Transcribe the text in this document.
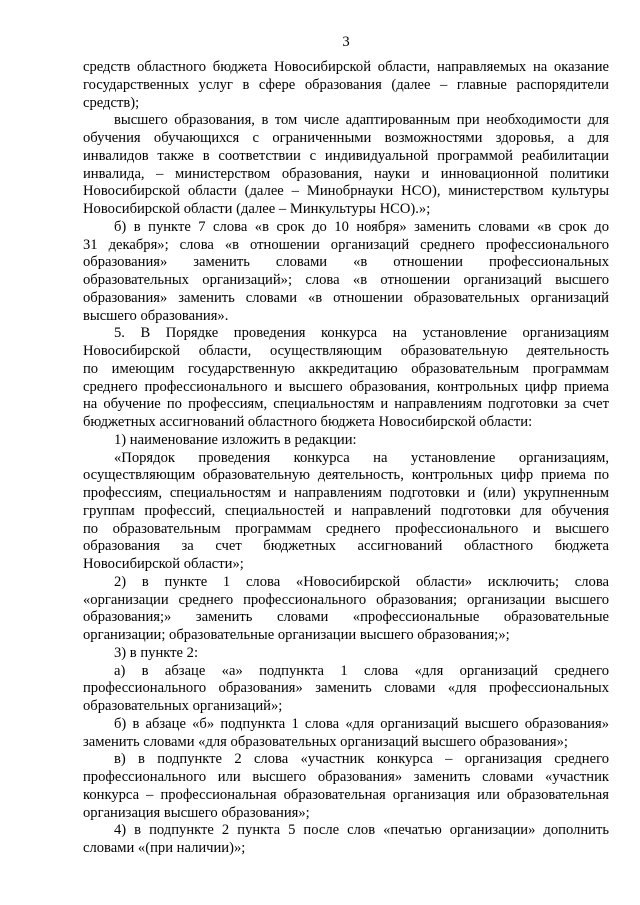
3
средств областного бюджета Новосибирской области, направляемых на оказание
государственных услуг в сфере образования (далее – главные распорядители
средств);
высшего образования, в том числе адаптированным при необходимости для
обучения обучающихся с ограниченными возможностями здоровья, а для
инвалидов также в соответствии с индивидуальной программой реабилитации
инвалида, – министерством образования, науки и инновационной политики
Новосибирской области (далее – Минобрнауки НСО), министерством культуры
Новосибирской области (далее – Минкультуры НСО).»;
б) в пункте 7 слова «в срок до 10 ноября» заменить словами «в срок до
31 декабря»; слова «в отношении организаций среднего профессионального
образования» заменить словами «в отношении профессиональных
образовательных организаций»; слова «в отношении организаций высшего
образования» заменить словами «в отношении образовательных организаций
высшего образования».
5. В Порядке проведения конкурса на установление организациям
Новосибирской области, осуществляющим образовательную деятельность
по имеющим государственную аккредитацию образовательным программам
среднего профессионального и высшего образования, контрольных цифр приема
на обучение по профессиям, специальностям и направлениям подготовки за счет
бюджетных ассигнований областного бюджета Новосибирской области:
1) наименование изложить в редакции:
«Порядок проведения конкурса на установление организациям,
осуществляющим образовательную деятельность, контрольных цифр приема по
профессиям, специальностям и направлениям подготовки и (или) укрупненным
группам профессий, специальностей и направлений подготовки для обучения
по образовательным программам среднего профессионального и высшего
образования за счет бюджетных ассигнований областного бюджета
Новосибирской области»;
2) в пункте 1 слова «Новосибирской области» исключить; слова
«организации среднего профессионального образования; организации высшего
образования;» заменить словами «профессиональные образовательные
организации; образовательные организации высшего образования;»;
3) в пункте 2:
а) в абзаце «а» подпункта 1 слова «для организаций среднего
профессионального образования» заменить словами «для профессиональных
образовательных организаций»;
б) в абзаце «б» подпункта 1 слова «для организаций высшего образования»
заменить словами «для образовательных организаций высшего образования»;
в) в подпункте 2 слова «участник конкурса – организация среднего
профессионального или высшего образования» заменить словами «участник
конкурса – профессиональная образовательная организация или образовательная
организация высшего образования»;
4) в подпункте 2 пункта 5 после слов «печатью организации» дополнить
словами «(при наличии)»;
